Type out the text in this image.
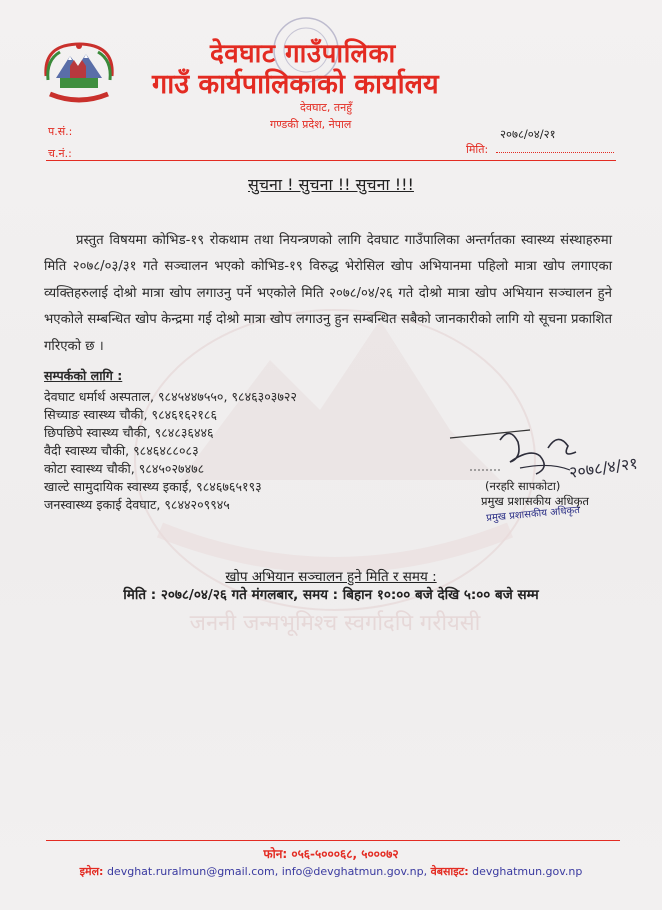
जननी जन्मभूमिश्च स्वर्गादपि गरीयसी
देवघाट गाउँपालिका
गाउँ कार्यपालिकाको कार्यालय
देवघाट, तनहुँ
गण्डकी प्रदेश, नेपाल
प.सं.:
च.नं.:
२०७८/०४/२१
मिति:
सुचना ! सुचना !! सुचना !!!
प्रस्तुत विषयमा कोभिड-१९ रोकथाम तथा नियन्त्रणको लागि देवघाट गाउँपालिका अन्तर्गतका स्वास्थ्य संस्थाहरुमा मिति २०७८/०३/३१ गते सञ्चालन भएको कोभिड-१९ विरुद्ध भेरोसिल खोप अभियानमा पहिलो मात्रा खोप लगाएका व्यक्तिहरुलाई दोश्रो मात्रा खोप लगाउनु पर्ने भएकोले मिति २०७८/०४/२६ गते दोश्रो मात्रा खोप अभियान सञ्चालन हुने भएकोले सम्बन्धित खोप केन्द्रमा गई दोश्रो मात्रा खोप लगाउनु हुन सम्बन्धित सबैको जानकारीको लागि यो सूचना प्रकाशित गरिएको छ ।
सम्पर्कको लागि :
देवघाट धर्मार्थ अस्पताल, ९८४५४४७५५०, ९८४६३०३७२२
सिच्याङ स्वास्थ्य चौकी, ९८४६१६२१८६
छिपछिपे स्वास्थ्य चौकी, ९८४८३६४४६
वैदी स्वास्थ्य चौकी, ९८४६४८८०८३
कोटा स्वास्थ्य चौकी, ९८४५०२७४७८
खाल्टे सामुदायिक स्वास्थ्य इकाई, ९८४६७६५१९३
जनस्वास्थ्य इकाई देवघाट, ९८४४२०९९४५
२०७८/४/२१
(नरहरि सापकोटा)
प्रमुख प्रशासकीय अधिकृत
प्रमुख प्रशासकीय अधिकृत
खोप अभियान सञ्चालन हुने मिति र समय :
मिति : २०७८/०४/२६ गते मंगलबार, समय : बिहान १०:०० बजे देखि ५:०० बजे सम्म
फोन: ०५६-५०००६८, ५०००७२
इमेल: devghat.ruralmun@gmail.com, info@devghatmun.gov.np, वेबसाइट: devghatmun.gov.np
